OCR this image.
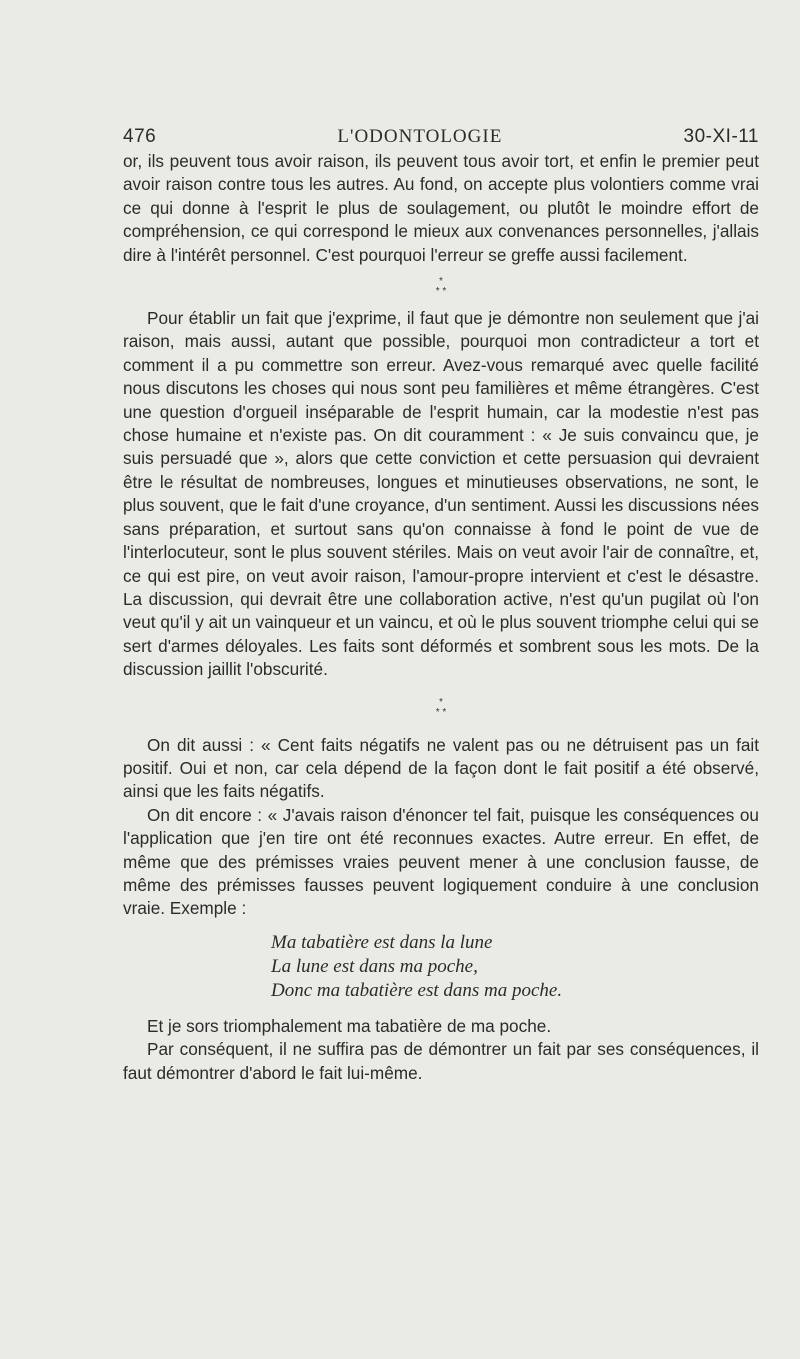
476	L'ODONTOLOGIE	30-XI-11

or, ils peuvent tous avoir raison, ils peuvent tous avoir tort, et enfin le premier peut avoir raison contre tous les autres. Au fond, on accepte plus volontiers comme vrai ce qui donne à l'esprit le plus de soulagement, ou plutôt le moindre effort de compréhension, ce qui correspond le mieux aux convenances personnelles, j'allais dire à l'intérêt personnel. C'est pourquoi l'erreur se greffe aussi facilement.

*
* *

Pour établir un fait que j'exprime, il faut que je démontre non seulement que j'ai raison, mais aussi, autant que possible, pourquoi mon contradicteur a tort et comment il a pu commettre son erreur. Avez-vous remarqué avec quelle facilité nous discutons les choses qui nous sont peu familières et même étrangères. C'est une question d'orgueil inséparable de l'esprit humain, car la modestie n'est pas chose humaine et n'existe pas. On dit couramment : « Je suis convaincu que, je suis persuadé que », alors que cette conviction et cette persuasion qui devraient être le résultat de nombreuses, longues et minutieuses observations, ne sont, le plus souvent, que le fait d'une croyance, d'un sentiment. Aussi les discussions nées sans préparation, et surtout sans qu'on connaisse à fond le point de vue de l'interlocuteur, sont le plus souvent stériles. Mais on veut avoir l'air de connaître, et, ce qui est pire, on veut avoir raison, l'amour-propre intervient et c'est le désastre. La discussion, qui devrait être une collaboration active, n'est qu'un pugilat où l'on veut qu'il y ait un vainqueur et un vaincu, et où le plus souvent triomphe celui qui se sert d'armes déloyales. Les faits sont déformés et sombrent sous les mots. De la discussion jaillit l'obscurité.

*
* *

On dit aussi : « Cent faits négatifs ne valent pas ou ne détruisent pas un fait positif. Oui et non, car cela dépend de la façon dont le fait positif a été observé, ainsi que les faits négatifs.

On dit encore : « J'avais raison d'énoncer tel fait, puisque les conséquences ou l'application que j'en tire ont été reconnues exactes. Autre erreur. En effet, de même que des prémisses vraies peuvent mener à une conclusion fausse, de même des prémisses fausses peuvent logiquement conduire à une conclusion vraie. Exemple :

Ma tabatière est dans la lune
La lune est dans ma poche,
Donc ma tabatière est dans ma poche.

Et je sors triomphalement ma tabatière de ma poche.

Par conséquent, il ne suffira pas de démontrer un fait par ses conséquences, il faut démontrer d'abord le fait lui-même.
